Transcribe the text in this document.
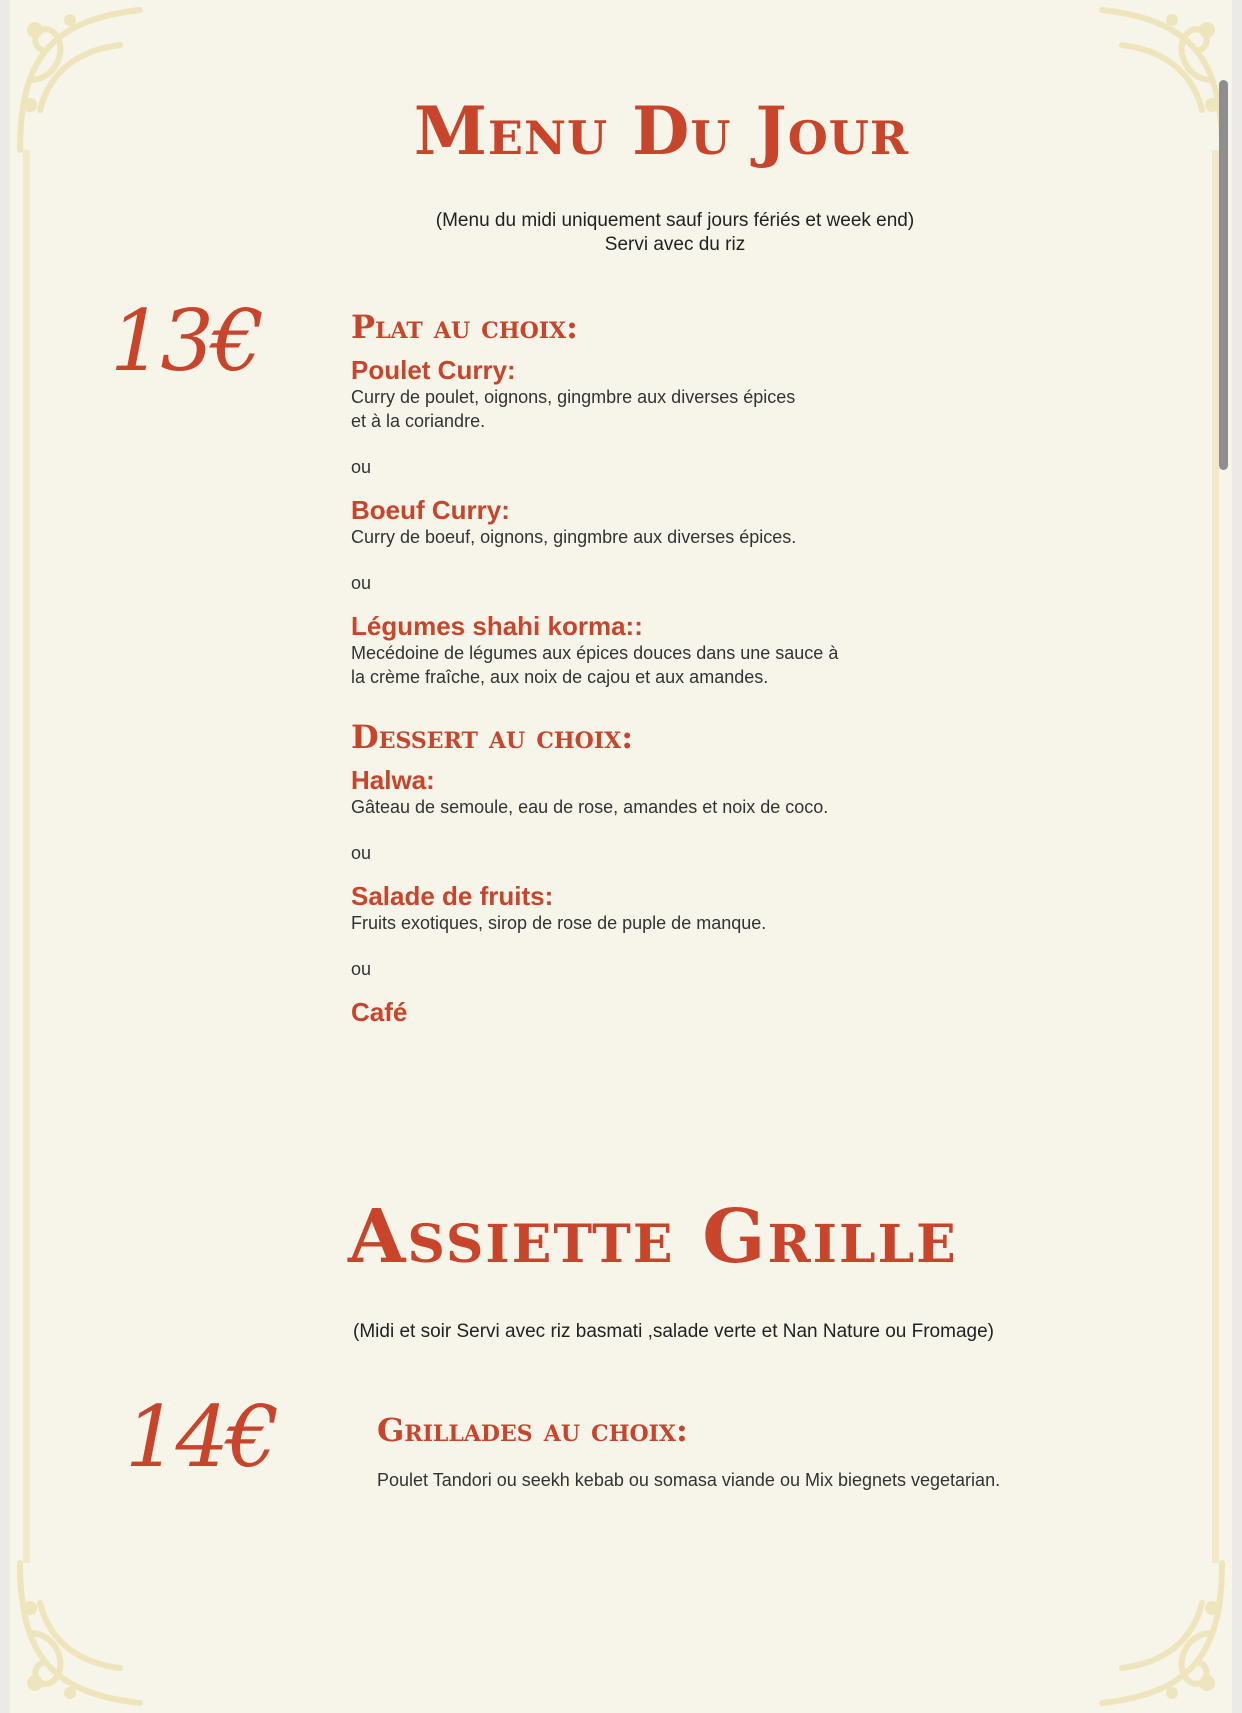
Menu Du Jour
(Menu du midi uniquement sauf jours fériés et week end)
Servi avec du riz

13€	Plat au choix:
Poulet Curry:

Curry de poulet, oignons, gingmbre aux diverses épices
et à la coriandre.

ou

Boeuf Curry:

Curry de boeuf, oignons, gingmbre aux diverses épices.

ou

Légumes shahi korma::

Mecédoine de légumes aux épices douces dans une sauce à
la crème fraîche, aux noix de cajou et aux amandes.

Dessert au choix:
Halwa:

Gâteau de semoule, eau de rose, amandes et noix de coco.

ou

Salade de fruits:

Fruits exotiques, sirop de rose de puple de manque.

ou

Café
Assiette Grille

(Midi et soir Servi avec riz basmati ,salade verte et Nan Nature ou Fromage)

14€	Grillades au choix:

Poulet Tandori ou seekh kebab ou somasa viande ou Mix biegnets vegetarian.
